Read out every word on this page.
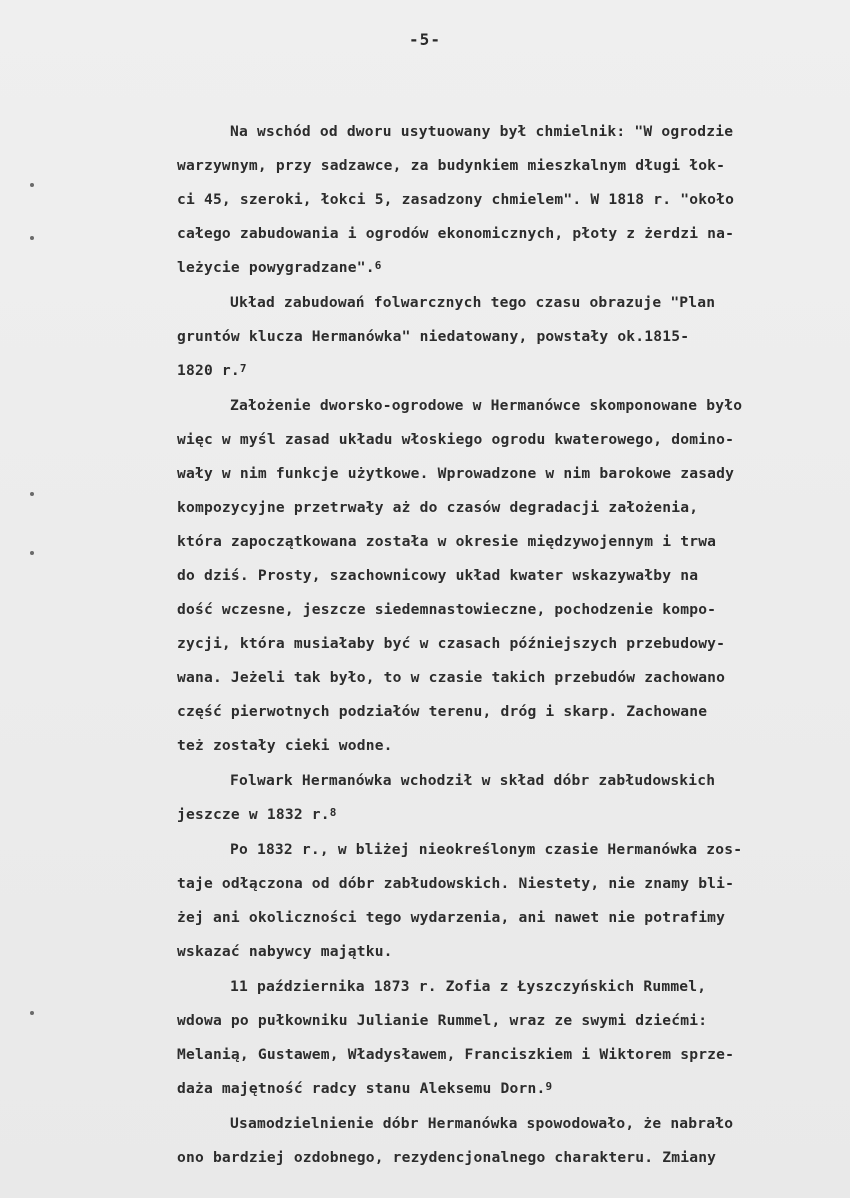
-5-
Na wschód od dworu usytuowany był chmielnik: "W ogrodzie
warzywnym, przy sadzawce, za budynkiem mieszkalnym długi łok-
ci 45, szeroki, łokci 5, zasadzony chmielem". W 1818 r. "około
całego zabudowania i ogrodów ekonomicznych, płoty z żerdzi na-
leżycie powygradzane".$^6$
Układ zabudowań folwarcznych tego czasu obrazuje "Plan
gruntów klucza Hermanówka" niedatowany, powstały ok.1815-
1820 r.$^7$
Założenie dworsko-ogrodowe w Hermanówce skomponowane było
więc w myśl zasad układu włoskiego ogrodu kwaterowego, domino-
wały w nim funkcje użytkowe. Wprowadzone w nim barokowe zasady
kompozycyjne przetrwały aż do czasów degradacji założenia,
która zapoczątkowana została w okresie międzywojennym i trwa
do dziś. Prosty, szachownicowy układ kwater wskazywałby na
dość wczesne, jeszcze siedemnastowieczne, pochodzenie kompo-
zycji, która musiałaby być w czasach późniejszych przebudowy-
wana. Jeżeli tak było, to w czasie takich przebudów zachowano
część pierwotnych podziałów terenu, dróg i skarp. Zachowane
też zostały cieki wodne.
Folwark Hermanówka wchodził w skład dóbr zabłudowskich
jeszcze w 1832 r.$^8$
Po 1832 r., w bliżej nieokreślonym czasie Hermanówka zos-
taje odłączona od dóbr zabłudowskich. Niestety, nie znamy bli-
żej ani okoliczności tego wydarzenia, ani nawet nie potrafimy
wskazać nabywcy majątku.
11 października 1873 r. Zofia z Łyszczyńskich Rummel,
wdowa po pułkowniku Julianie Rummel, wraz ze swymi dziećmi:
Melanią, Gustawem, Władysławem, Franciszkiem i Wiktorem sprze-
daża majętność radcy stanu Aleksemu Dorn.$^9$
Usamodzielnienie dóbr Hermanówka spowodowało, że nabrało
ono bardziej ozdobnego, rezydencjonalnego charakteru. Zmiany
